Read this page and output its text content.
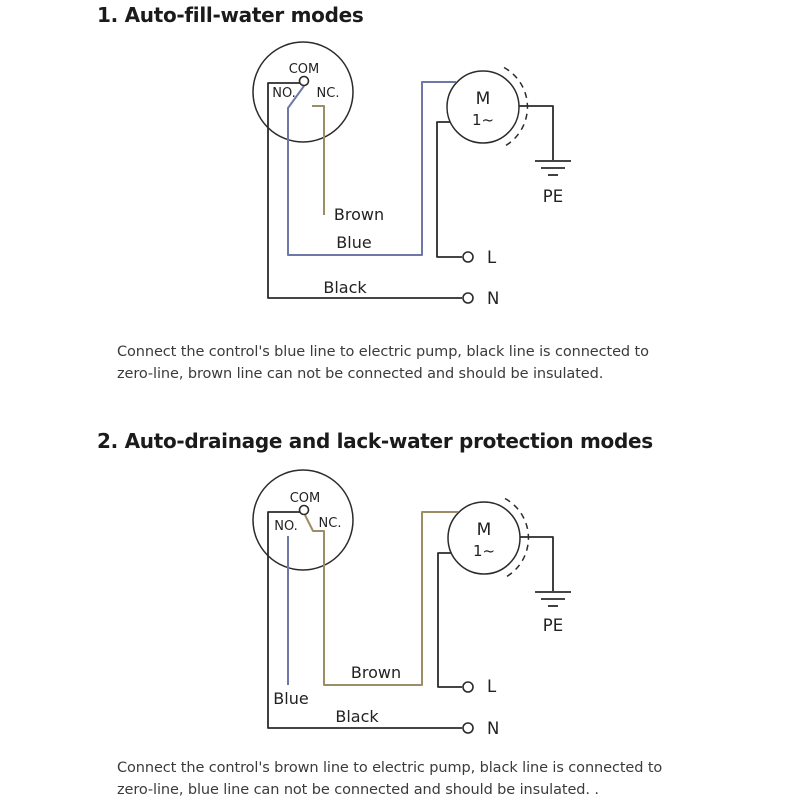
1. Auto-fill-water modes
COM
NO. NC.	M
1~
PE
Brown
Blue
Black
L
N
Connect the control's blue line to electric pump, black line is connected to
zero-line, brown line can not be connected and should be insulated.
2. Auto-drainage and lack-water protection modes
COM
NO. NC.	M
1~
PE
Brown
Blue
Black
L
N
Connect the control's brown line to electric pump, black line is connected to
zero-line, blue line can not be connected and should be insulated. .
